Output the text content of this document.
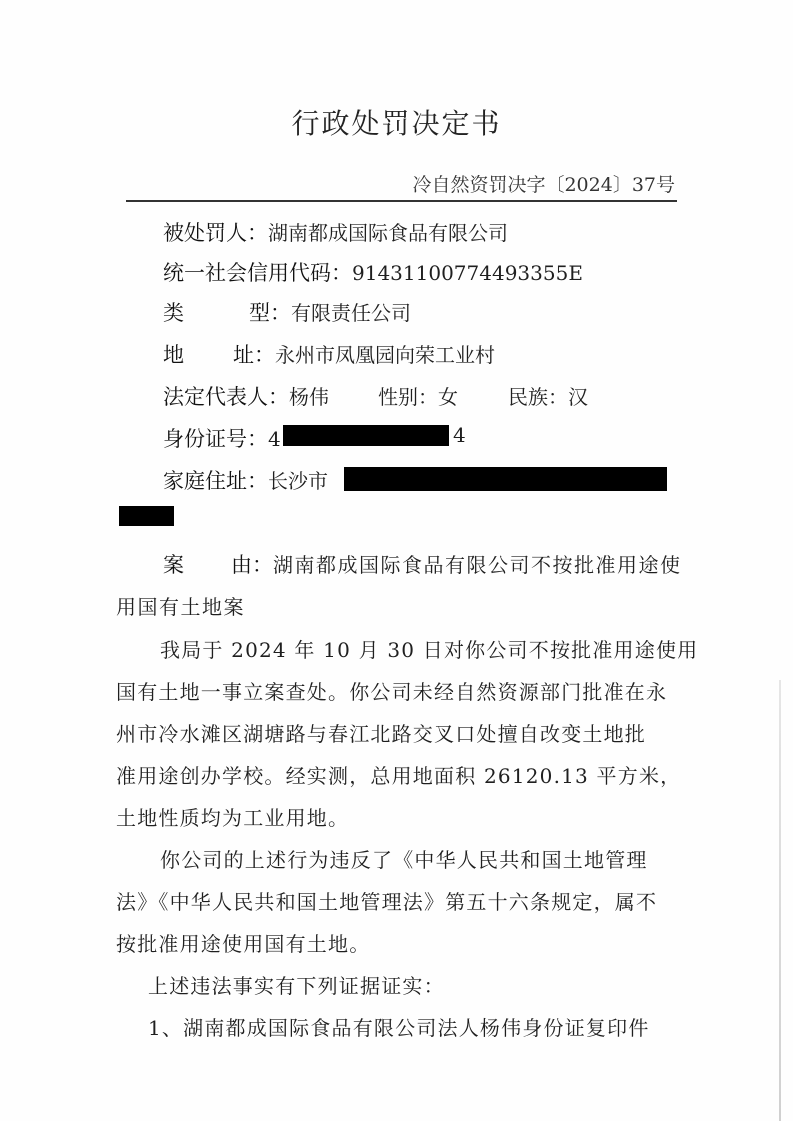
行政处罚决定书
冷自然资罚决字〔2024〕37号
被处罚人：湖南都成国际食品有限公司
统一社会信用代码：91431100774493355E
类	型：有限责任公司
地 址：永州市凤凰园向荣工业村
法定代表人：杨伟 性别：女	民族：汉
身份证号：4	4
家庭住址：长沙市
案 由：湖南都成国际食品有限公司不按批准用途使
用国有土地案
我局于 2024 年 10 月 30 日对你公司不按批准用途使用
国有土地一事立案查处。你公司未经自然资源部门批准在永
州市冷水滩区湖塘路与春江北路交叉口处擅自改变土地批
准用途创办学校。经实测，总用地面积 26120.13 平方米，
土地性质均为工业用地。
你公司的上述行为违反了《中华人民共和国土地管理
法》《中华人民共和国土地管理法》第五十六条规定，属不
按批准用途使用国有土地。
上述违法事实有下列证据证实：
1、湖南都成国际食品有限公司法人杨伟身份证复印件
